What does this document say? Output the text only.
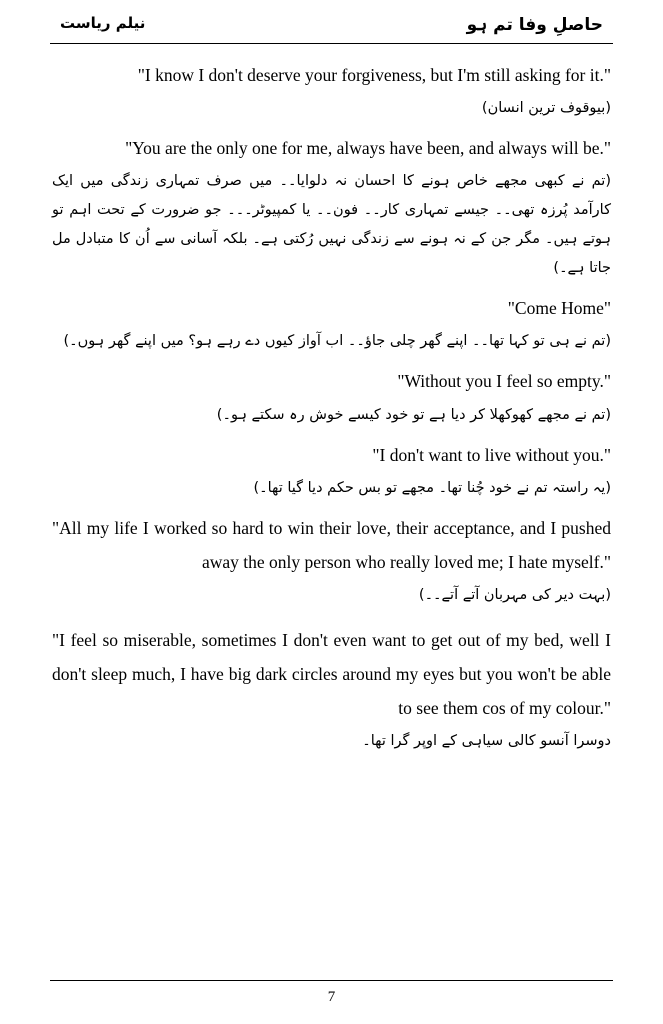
حاصلِ وفا تم ہو
نیلم ریاست

"I know I don't deserve your forgiveness, but I'm still asking for it."

(بیوقوف ترین انسان)

"You are the only one for me, always have been, and always will be."

(تم نے کبھی مجھے خاص ہونے کا احسان نہ دلوایا۔۔ میں صرف تمہاری زندگی میں ایک کارآمد پُرزہ تھی۔۔ جیسے تمہاری کار۔۔ فون۔۔ یا کمپیوٹر۔۔۔ جو ضرورت کے تحت اہم تو ہوتے ہیں۔ مگر جن کے نہ ہونے سے زندگی نہیں رُکتی ہے۔ بلکہ آسانی سے اُن کا متبادل مل جاتا ہے۔)

"Come Home"

(تم نے ہی تو کہا تھا۔۔ اپنے گھر چلی جاؤ۔۔ اب آواز کیوں دے رہے ہو؟ میں اپنے گھر ہوں۔)

"Without you I feel so empty."

(تم نے مجھے کھوکھلا کر دیا ہے تو خود کیسے خوش رہ سکتے ہو۔)

"I don't want to live without you."

(یہ راستہ تم نے خود چُنا تھا۔ مجھے تو بس حکم دیا گیا تھا۔)

"All my life I worked so hard to win their love, their acceptance, and I pushed away the only person who really loved me; I hate myself."

(بہت دیر کی مہربان آتے آتے۔۔)

"I feel so miserable, sometimes I don't even want to get out of my bed, well I don't sleep much, I have big dark circles around my eyes but you won't be able to see them cos of my colour."

دوسرا آنسو کالی سیاہی کے اوپر گرا تھا۔

7
